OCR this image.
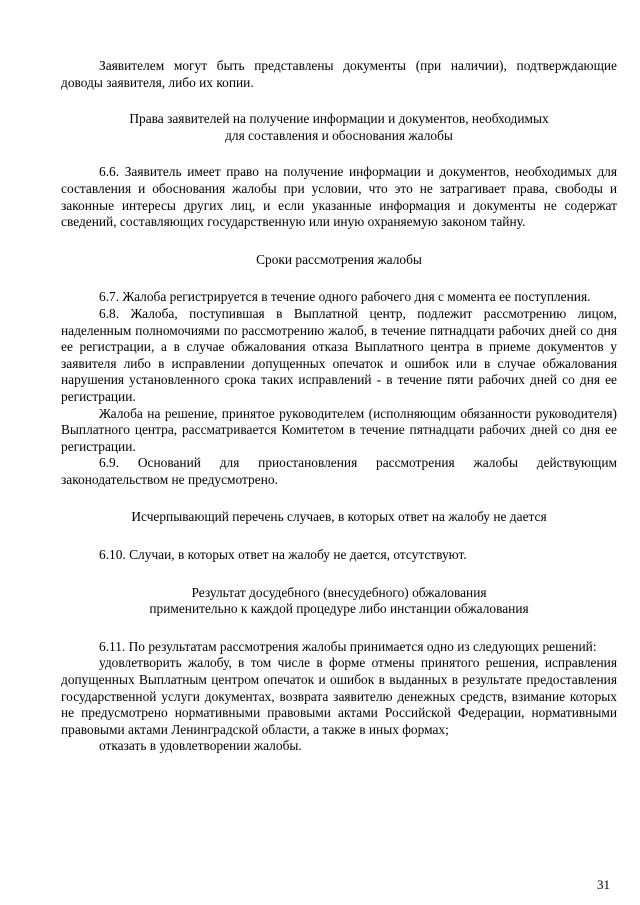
Заявителем могут быть представлены документы (при наличии), подтверждающие доводы заявителя, либо их копии.

Права заявителей на получение информации и документов, необходимых
для составления и обоснования жалобы

6.6. Заявитель имеет право на получение информации и документов, необходимых для составления и обоснования жалобы при условии, что это не затрагивает права, свободы и законные интересы других лиц, и если указанные информация и документы не содержат сведений, составляющих государственную или иную охраняемую законом тайну.

Сроки рассмотрения жалобы

6.7. Жалоба регистрируется в течение одного рабочего дня с момента ее поступления.

6.8. Жалоба, поступившая в Выплатной центр, подлежит рассмотрению лицом, наделенным полномочиями по рассмотрению жалоб, в течение пятнадцати рабочих дней со дня ее регистрации, а в случае обжалования отказа Выплатного центра в приеме документов у заявителя либо в исправлении допущенных опечаток и ошибок или в случае обжалования нарушения установленного срока таких исправлений - в течение пяти рабочих дней со дня ее регистрации.

Жалоба на решение, принятое руководителем (исполняющим обязанности руководителя) Выплатного центра, рассматривается Комитетом в течение пятнадцати рабочих дней со дня ее регистрации.

6.9. Оснований для приостановления рассмотрения жалобы действующим законодательством не предусмотрено.

Исчерпывающий перечень случаев, в которых ответ на жалобу не дается

6.10. Случаи, в которых ответ на жалобу не дается, отсутствуют.

Результат досудебного (внесудебного) обжалования
применительно к каждой процедуре либо инстанции обжалования

6.11. По результатам рассмотрения жалобы принимается одно из следующих решений:

удовлетворить жалобу, в том числе в форме отмены принятого решения, исправления допущенных Выплатным центром опечаток и ошибок в выданных в результате предоставления государственной услуги документах, возврата заявителю денежных средств, взимание которых не предусмотрено нормативными правовыми актами Российской Федерации, нормативными правовыми актами Ленинградской области, а также в иных формах;

отказать в удовлетворении жалобы.

31
